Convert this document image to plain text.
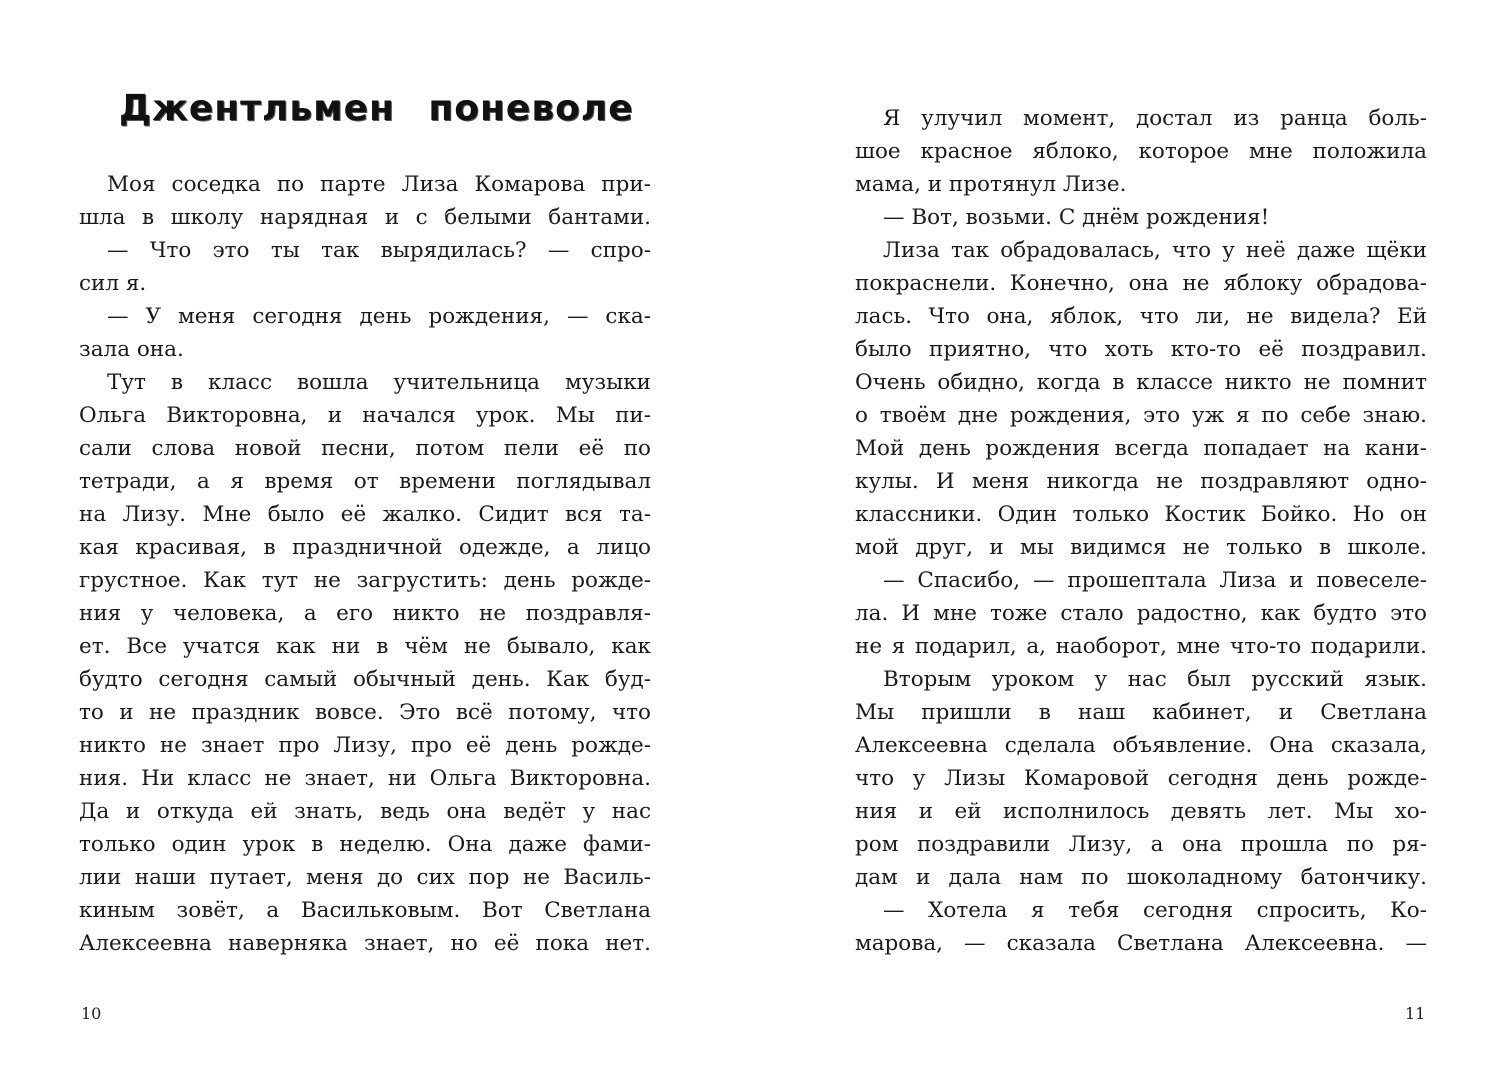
Джентльмен поневоле
Моя соседка по парте Лиза Комарова при-
шла в школу нарядная и с белыми бантами.
— Что это ты так вырядилась? — спро-
сил я.
— У меня сегодня день рождения, — ска-
зала она.
Тут в класс вошла учительница музыки
Ольга Викторовна, и начался урок. Мы пи-
сали слова новой песни, потом пели её по
тетради, а я время от времени поглядывал
на Лизу. Мне было её жалко. Сидит вся та-
кая красивая, в праздничной одежде, а лицо
грустное. Как тут не загрустить: день рожде-
ния у человека, а его никто не поздравля-
ет. Все учатся как ни в чём не бывало, как
будто сегодня самый обычный день. Как буд-
то и не праздник вовсе. Это всё потому, что
никто не знает про Лизу, про её день рожде-
ния. Ни класс не знает, ни Ольга Викторовна.
Да и откуда ей знать, ведь она ведёт у нас
только один урок в неделю. Она даже фами-
лии наши путает, меня до сих пор не Василь-
киным зовёт, а Васильковым. Вот Светлана
Алексеевна наверняка знает, но её пока нет.
10
Я улучил момент, достал из ранца боль-
шое красное яблоко, которое мне положила
мама, и протянул Лизе.
— Вот, возьми. С днём рождения!
Лиза так обрадовалась, что у неё даже щёки
покраснели. Конечно, она не яблоку обрадова-
лась. Что она, яблок, что ли, не видела? Ей
было приятно, что хоть кто-то её поздравил.
Очень обидно, когда в классе никто не помнит
о твоём дне рождения, это уж я по себе знаю.
Мой день рождения всегда попадает на кани-
кулы. И меня никогда не поздравляют одно-
классники. Один только Костик Бойко. Но он
мой друг, и мы видимся не только в школе.
— Спасибо, — прошептала Лиза и повеселе-
ла. И мне тоже стало радостно, как будто это
не я подарил, а, наоборот, мне что-то подарили.
Вторым уроком у нас был русский язык.
Мы пришли в наш кабинет, и Светлана
Алексеевна сделала объявление. Она сказала,
что у Лизы Комаровой сегодня день рожде-
ния и ей исполнилось девять лет. Мы хо-
ром поздравили Лизу, а она прошла по ря-
дам и дала нам по шоколадному батончику.
— Хотела я тебя сегодня спросить, Ко-
марова, — сказала Светлана Алексеевна. —
11
